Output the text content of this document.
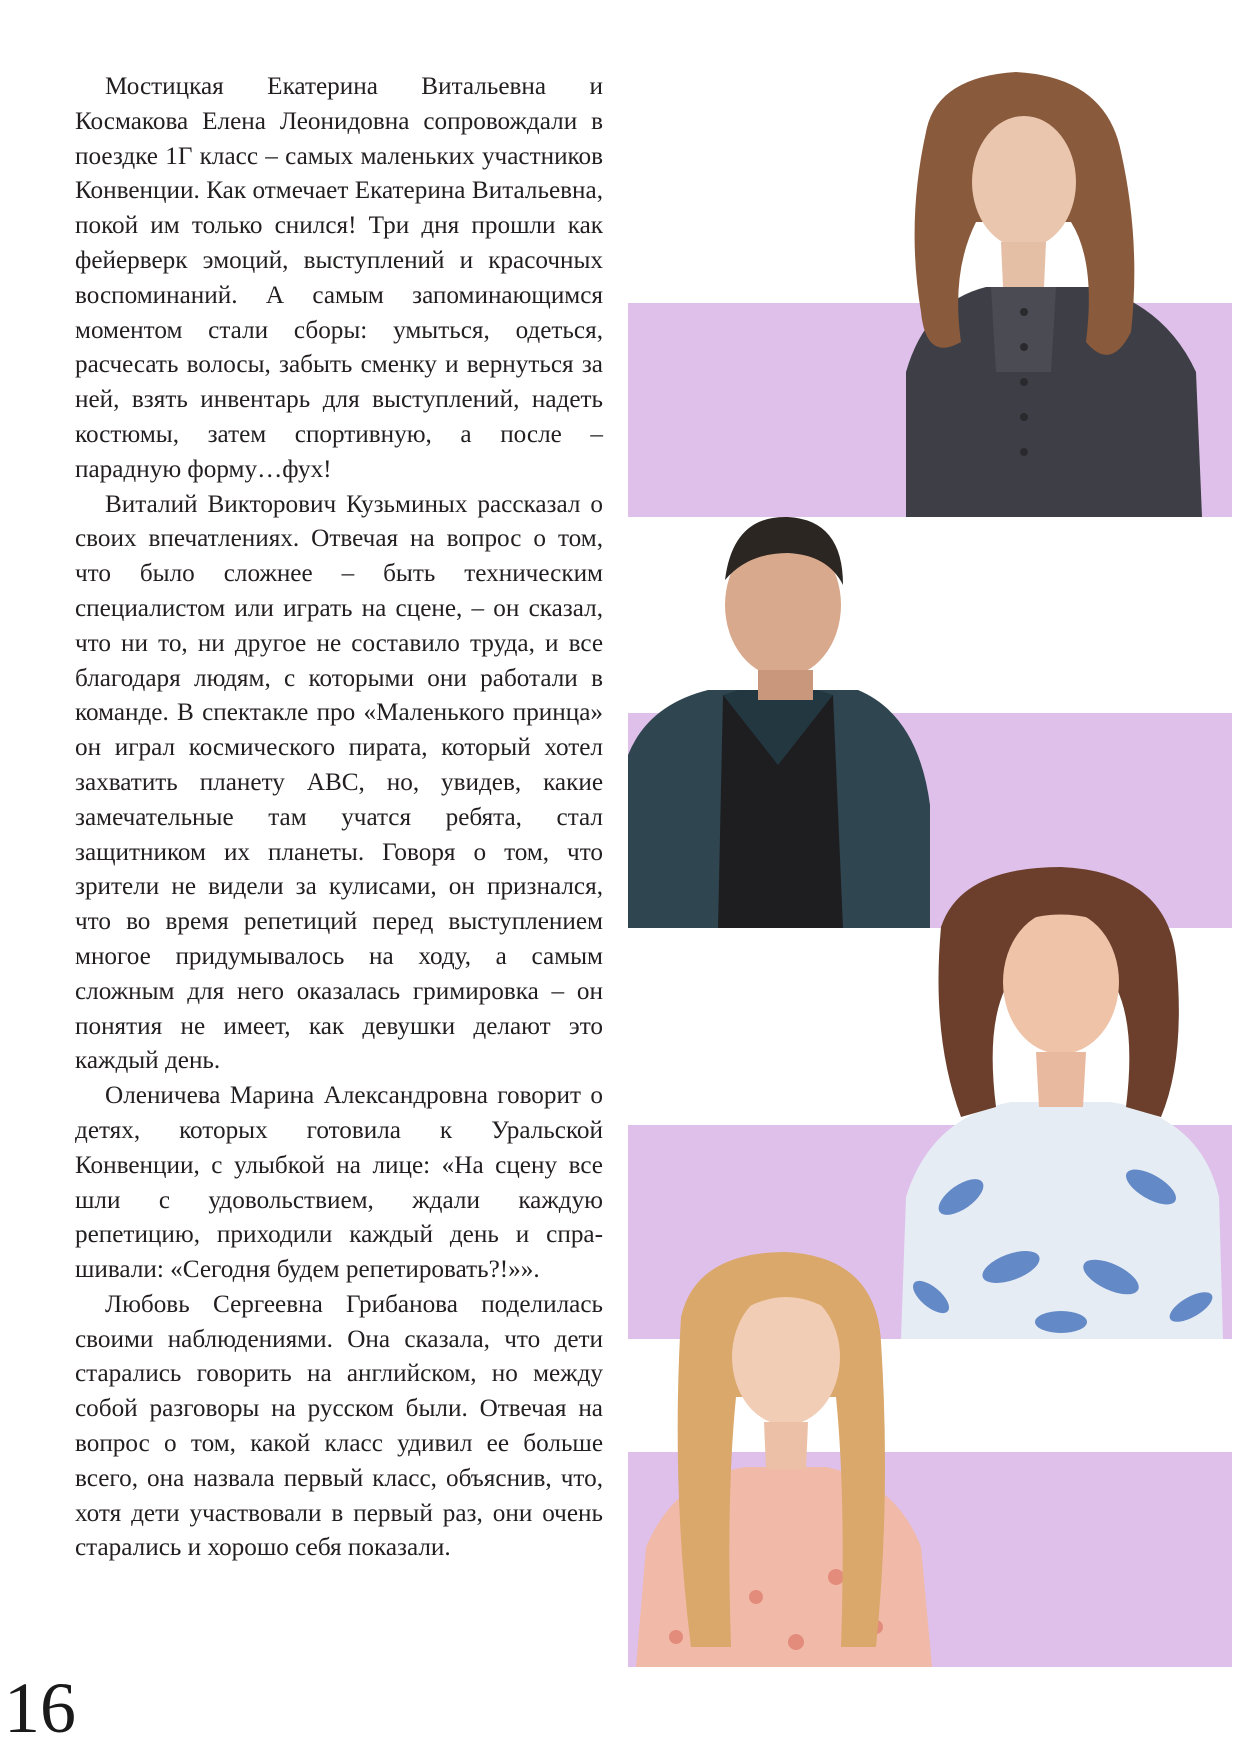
Мостицкая Екатерина Витальевна и Космакова Елена Леонидовна сопровождали в поездке 1Г класс – самых маленьких участников Конвенции. Как отмечает Екатерина Витальевна, покой им только снился! Три дня прошли как фейерверк эмоций, выступлений и красочных воспоминаний. А самым запоминающимся моментом стали сборы: умыться, одеться, расчесать волосы, забыть сменку и вернуться за ней, взять инвентарь для выступлений, надеть костюмы, затем спортивную, а после – парадную форму…фух!

Виталий Викторович Кузьминых рассказал о своих впечатлениях. Отвечая на вопрос о том, что было сложнее – быть техническим специалистом или играть на сцене, – он сказал, что ни то, ни другое не составило труда, и все благодаря людям, с которыми они работали в команде. В спектакле про «Маленького принца» он играл космического пирата, который хотел захватить планету АВС, но, увидев, какие замечательные там учатся ребята, стал защитником их планеты. Говоря о том, что зрители не видели за кулисами, он признался, что во время репетиций перед выступлением многое придумывалось на ходу, а самым сложным для него оказалась гримировка – он понятия не имеет, как девушки делают это каждый день.

Оленичева Марина Александровна говорит о детях, которых готовила к Уральской Конвенции, с улыбкой на лице: «На сцену все шли с удовольствием, ждали каждую репетицию, приходили каждый день и спрашивали: «Сегодня будем репетировать?!»».

Любовь Сергеевна Грибанова поделилась своими наблюдениями. Она сказала, что дети старались говорить на английском, но между собой разговоры на русском были. Отвечая на вопрос о том, какой класс удивил ее больше всего, она назвала первый класс, объяснив, что, хотя дети участвовали в первый раз, они очень старались и хорошо себя показали.

16
